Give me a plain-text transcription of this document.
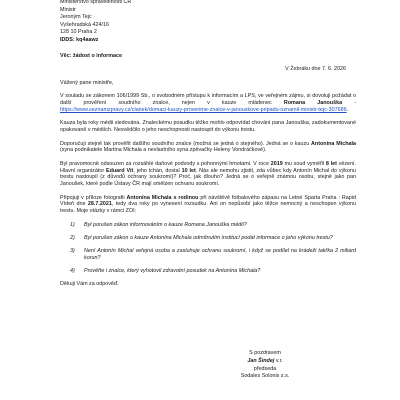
Ministerstvo spravedlnosti ČR
Ministr
Jeroným Tejc
Vyšehradská 424/16
128 10 Praha 2
IDDS: kq4aawz
Věc: žádost o informace
V Žebráku dne 7. 6. 2026

Vážený pane ministře,

V souladu se zákonem 106/1999 Sb., o svobodném přístupu k informacím a LPS, ve veřejném zájmu, si dovoluji požádat o další prověření soudního znalce, nejen v kauze mládenec Romana Janouška - https://www.seznamzpravy.cz/clanek/domaci-kauzy-proverime-znalce-v-janouskove-pripadu-oznamil-ministr-tejc-307686.

Kauza byla roky médii sledována. Znaleckému posudku těžko mohlo odpovídat chování pana Janouška, zadokumentované opakovaně v médiích. Nesvědčilo o jeho neschopnosti nastoupit do výkonu trestu.

Doporučuji stejně tak prověřit dalšího soudního znalce (možná se jedná o stejného). Jedná se o kauzu Antonína Michala (syna podnikatele Martina Michala a nevlastního syna zpěvačky Heleny Vondráčkové).

Byl pravomocně odsouzen za rozsáhlé daňové podvody s pohonnými hmotami. V roce 2019 mu soud vyměřil 8 let vězení. Hlavní organizátor Eduard Vít, jeho tchán, dostal 10 let. Nás ale nemohu zjistit, zda vůbec kdy Antonín Michal do výkonu trestu nastoupil (z důvodů ochrany soukromí)? Proč, jak dlouho? Jedná se o veřejně známou osobu, stejně jako pan Janoušek, které podle Ústavy ČR mají smělzen ochranu soukromí.

Připojuji v příloze fotografii Antonína Michala s rodinou při návštěvě fotbalového zápasu na Letné Sparta Praha : Rapid Vídeň dne 28.7.2021, tedy dva roky po vynesení rozsudku. Ani on nepůsobí jako těžce nemocný a neschopen výkonu trestu. Moje otázky v rámci ZOI:

1)	Byl porušen zákon informováním o kauze Romana Janouška médii?
2)	Byl porušen zákon o kauze Antonína Michala odmítnutím institucí podat informace o jeho výkonu trestu?
3)	Není Antonín Michal veřejná osoba a zasluhuje ochranu soukromí, i když se podílel na krádeži takřka 2 miliard korun?
4)	Prověřte i znalce, který vyhotovil zdravotní posudek na Antonína Michala?

Děkuji Vám za odpověď.

S pozdravem
Jan Šindej v.r.
předseda
Sodales Solonis z.s.
